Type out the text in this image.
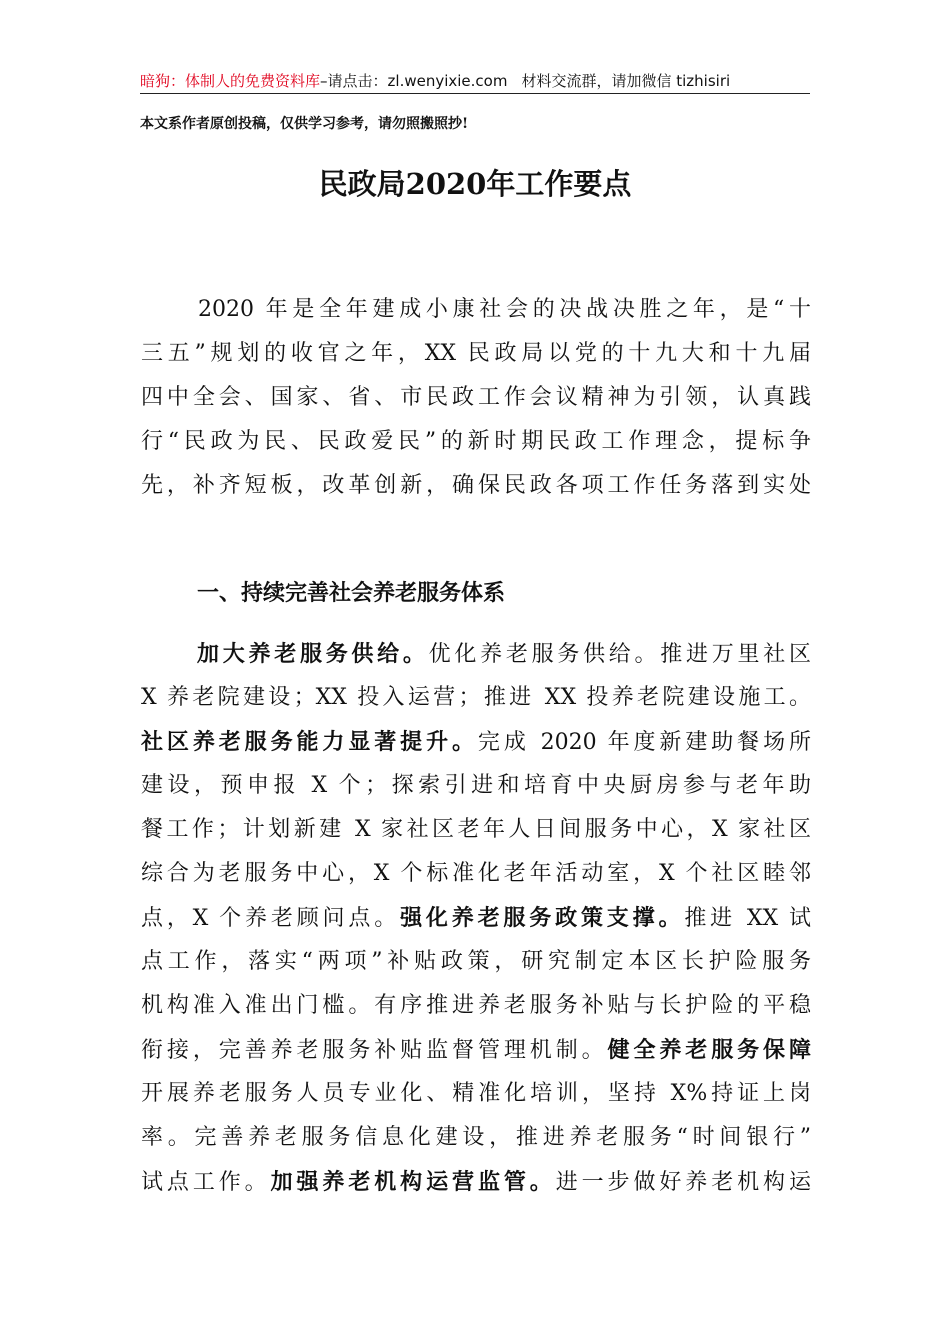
暗狗：体制人的免费资料库–请点击：zl.wenyixie.com 材料交流群，请加微信 tizhisiri
本文系作者原创投稿，仅供学习参考，请勿照搬照抄!
民政局2020年工作要点
2020 年是全年建成小康社会的决战决胜之年，是“十
三五”规划的收官之年，XX 民政局以党的十九大和十九届
四中全会、国家、省、市民政工作会议精神为引领，认真践
行“民政为民、民政爱民”的新时期民政工作理念，提标争
先，补齐短板，改革创新，确保民政各项工作任务落到实处
一、持续完善社会养老服务体系
加大养老服务供给。优化养老服务供给。推进万里社区
X 养老院建设；XX 投入运营；推进 XX 投养老院建设施工。
社区养老服务能力显著提升。完成 2020 年度新建助餐场所
建设，预申报 X 个；探索引进和培育中央厨房参与老年助
餐工作；计划新建 X 家社区老年人日间服务中心，X 家社区
综合为老服务中心，X 个标准化老年活动室，X 个社区睦邻
点，X 个养老顾问点。强化养老服务政策支撑。推进 XX 试
点工作，落实“两项”补贴政策，研究制定本区长护险服务
机构准入准出门槛。有序推进养老服务补贴与长护险的平稳
衔接，完善养老服务补贴监督管理机制。健全养老服务保障
开展养老服务人员专业化、精准化培训，坚持 X%持证上岗
率。完善养老服务信息化建设，推进养老服务“时间银行”
试点工作。加强养老机构运营监管。进一步做好养老机构运
